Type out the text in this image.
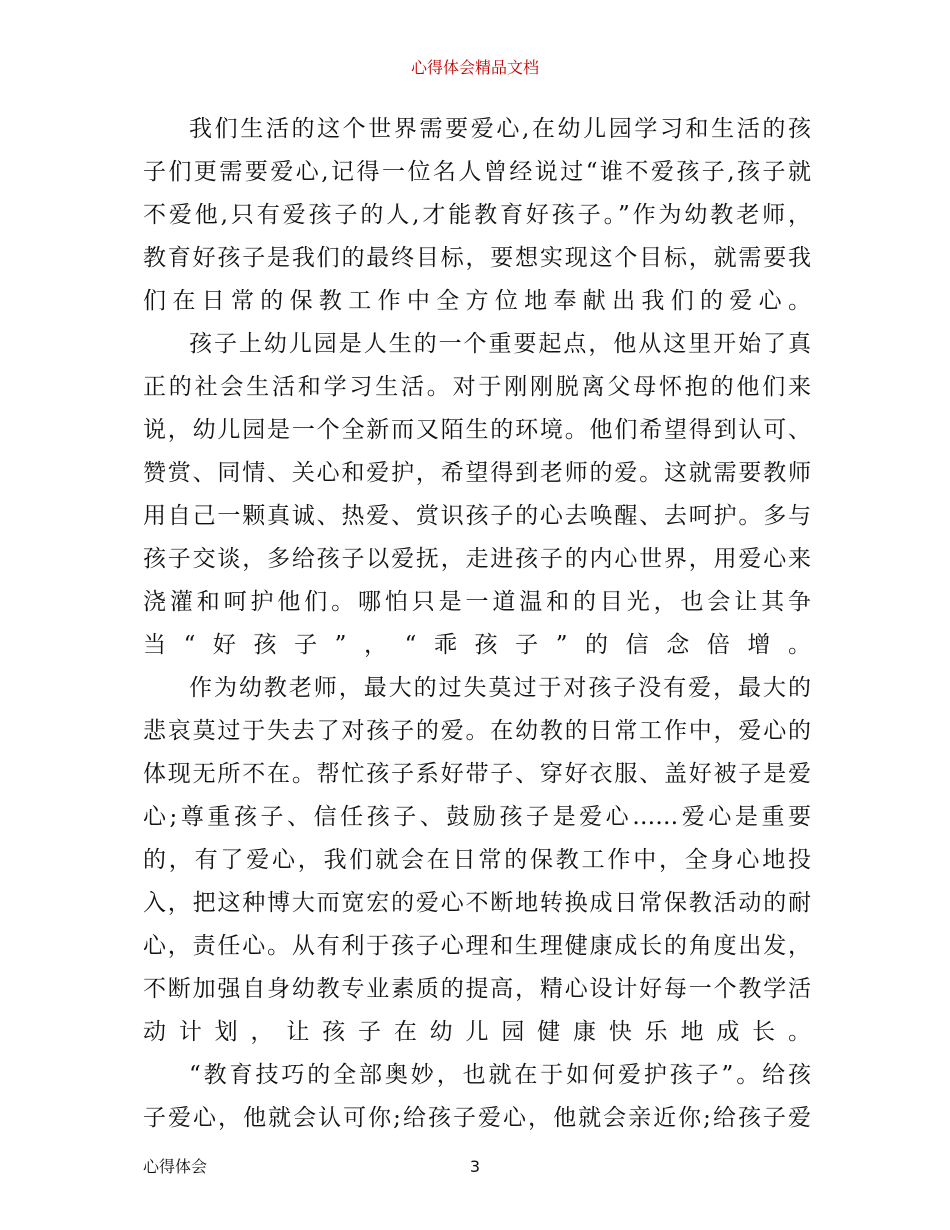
心得体会精品文档
我们生活的这个世界需要爱心,在幼儿园学习和生活的孩
子们更需要爱心,记得一位名人曾经说过“谁不爱孩子,孩子就
不爱他,只有爱孩子的人,才能教育好孩子。”作为幼教老师，
教育好孩子是我们的最终目标，要想实现这个目标，就需要我
们在日常的保教工作中全方位地奉献出我们的爱心。
孩子上幼儿园是人生的一个重要起点，他从这里开始了真
正的社会生活和学习生活。对于刚刚脱离父母怀抱的他们来
说，幼儿园是一个全新而又陌生的环境。他们希望得到认可、
赞赏、同情、关心和爱护，希望得到老师的爱。这就需要教师
用自己一颗真诚、热爱、赏识孩子的心去唤醒、去呵护。多与
孩子交谈，多给孩子以爱抚，走进孩子的内心世界，用爱心来
浇灌和呵护他们。哪怕只是一道温和的目光，也会让其争
当“好孩子”，“乖孩子”的信念倍增。
作为幼教老师，最大的过失莫过于对孩子没有爱，最大的
悲哀莫过于失去了对孩子的爱。在幼教的日常工作中，爱心的
体现无所不在。帮忙孩子系好带子、穿好衣服、盖好被子是爱
心;尊重孩子、信任孩子、鼓励孩子是爱心……爱心是重要
的，有了爱心，我们就会在日常的保教工作中，全身心地投
入，把这种博大而宽宏的爱心不断地转换成日常保教活动的耐
心，责任心。从有利于孩子心理和生理健康成长的角度出发，
不断加强自身幼教专业素质的提高，精心设计好每一个教学活
动计划，让孩子在幼儿园健康快乐地成长。
“教育技巧的全部奥妙，也就在于如何爱护孩子”。给孩
子爱心，他就会认可你;给孩子爱心，他就会亲近你;给孩子爱
心得体会	3
